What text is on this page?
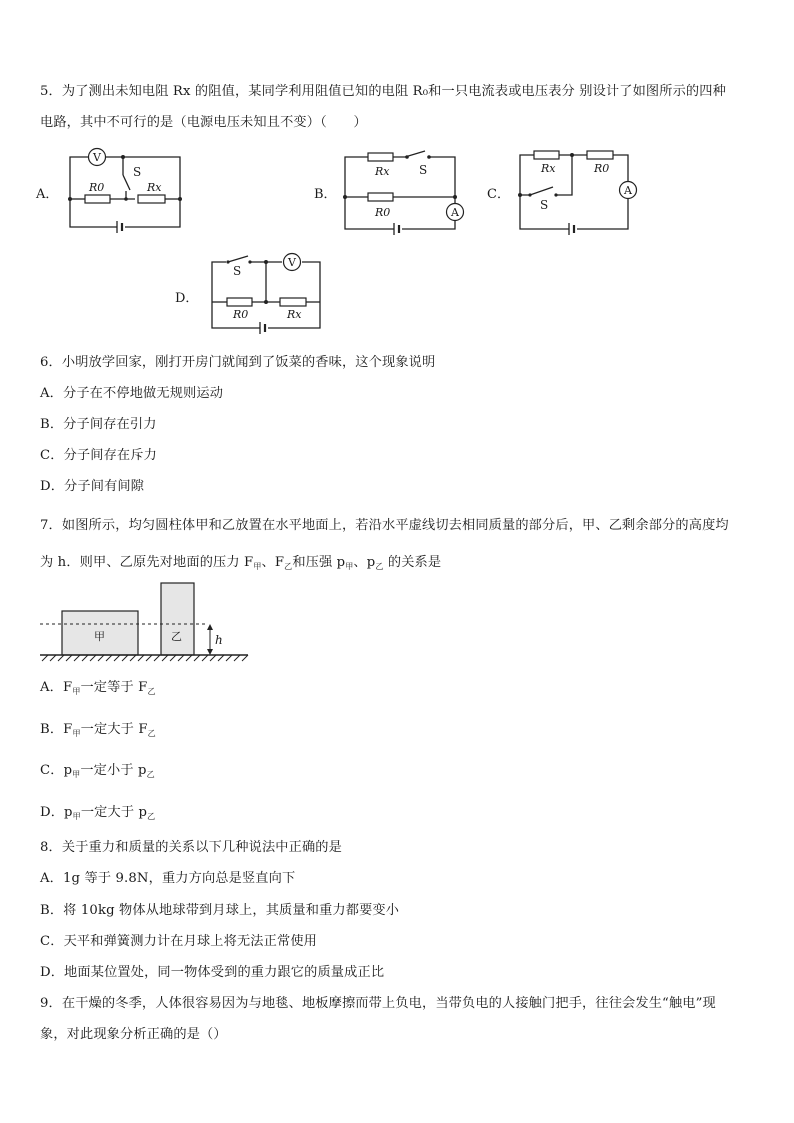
5．为了测出未知电阻 Rx 的阻值，某同学利用阻值已知的电阻 R₀和一只电流表或电压表分 别设计了如图所示的四种
电路，其中不可行的是（电源电压未知且不变）（　　）
A．	B．	C．
D．
V
S
R0	Rx
A
Rx S
R0
A
Rx	R0
S
V
S
R0	Rx
6．小明放学回家，刚打开房门就闻到了饭菜的香味，这个现象说明
A．分子在不停地做无规则运动
B．分子间存在引力
C．分子间存在斥力
D．分子间有间隙
7．如图所示，均匀圆柱体甲和乙放置在水平地面上，若沿水平虚线切去相同质量的部分后，甲、乙剩余部分的高度均
为 h．则甲、乙原先对地面的压力 $F_甲$、$F_乙$和压强 $p_甲$、$p_乙$ 的关系是
甲	乙	h
A．$F_甲$一定等于 $F_乙$
B．$F_甲$一定大于 $F_乙$
C．$p_甲$一定小于 $p_乙$
D．$p_甲$一定大于 $p_乙$
8．关于重力和质量的关系以下几种说法中正确的是
A．1g 等于 9.8N，重力方向总是竖直向下
B．将 10kg 物体从地球带到月球上，其质量和重力都要变小
C．天平和弹簧测力计在月球上将无法正常使用
D．地面某位置处，同一物体受到的重力跟它的质量成正比
9．在干燥的冬季，人体很容易因为与地毯、地板摩擦而带上负电，当带负电的人接触门把手，往往会发生“触电”现
象，对此现象分析正确的是（）
